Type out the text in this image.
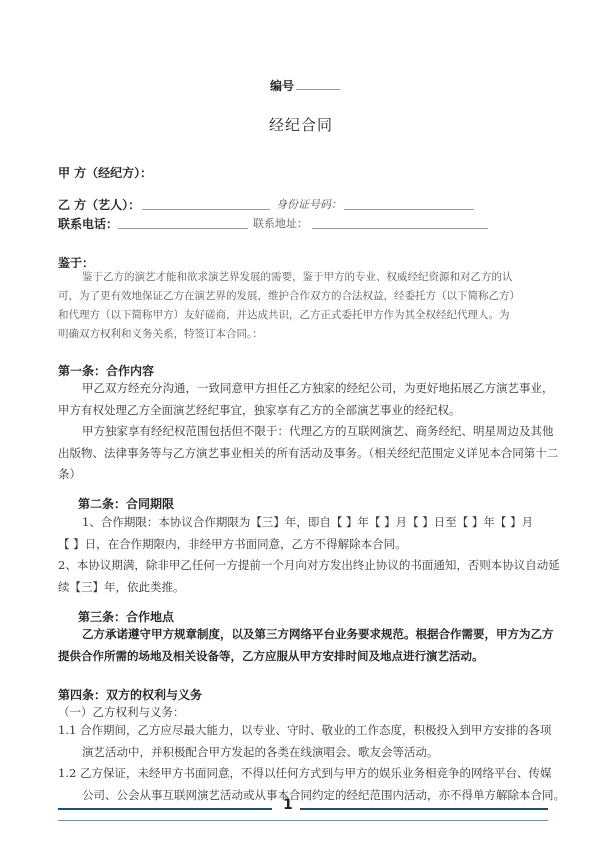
编号
经纪合同
甲 方（经纪方）：
乙 方（艺人）：	身份证号码：
联系电话：	联系地址：
鉴于：
鉴于乙方的演艺才能和欲求演艺界发展的需要，鉴于甲方的专业、权威经纪资源和对乙方的认
可，为了更有效地保证乙方在演艺界的发展，维护合作双方的合法权益，经委托方（以下简称乙方）
和代理方（以下简称甲方）友好磋商，并达成共识，乙方正式委托甲方作为其全权经纪代理人。为
明确双方权利和义务关系，特签订本合同。：
第一条：合作内容
甲乙双方经充分沟通，一致同意甲方担任乙方独家的经纪公司，为更好地拓展乙方演艺事业，
甲方有权处理乙方全面演艺经纪事宜，独家享有乙方的全部演艺事业的经纪权。
甲方独家享有经纪权范围包括但不限于：代理乙方的互联网演艺、商务经纪、明星周边及其他
出版物、法律事务等与乙方演艺事业相关的所有活动及事务。（相关经纪范围定义详见本合同第十二
条）
第二条：合同期限
1、合作期限：本协议合作期限为【三】年，即自【 】年【 】月【 】日至【 】年【 】月
【 】日，在合作期限内，非经甲方书面同意，乙方不得解除本合同。
2、本协议期满，除非甲乙任何一方提前一个月向对方发出终止协议的书面通知，否则本协议自动延
续【三】年，依此类推。
第三条：合作地点
乙方承诺遵守甲方规章制度，以及第三方网络平台业务要求规范。根据合作需要，甲方为乙方
提供合作所需的场地及相关设备等，乙方应服从甲方安排时间及地点进行演艺活动。
第四条：双方的权利与义务
（一）乙方权利与义务：
1.1 合作期间，乙方应尽最大能力，以专业、守时、敬业的工作态度，积极投入到甲方安排的各项
演艺活动中，并积极配合甲方发起的各类在线演唱会、歌友会等活动。
1.2 乙方保证，未经甲方书面同意，不得以任何方式到与甲方的娱乐业务相竞争的网络平台、传媒
公司、公会从事互联网演艺活动或从事本合同约定的经纪范围内活动，亦不得单方解除本合同。
1
